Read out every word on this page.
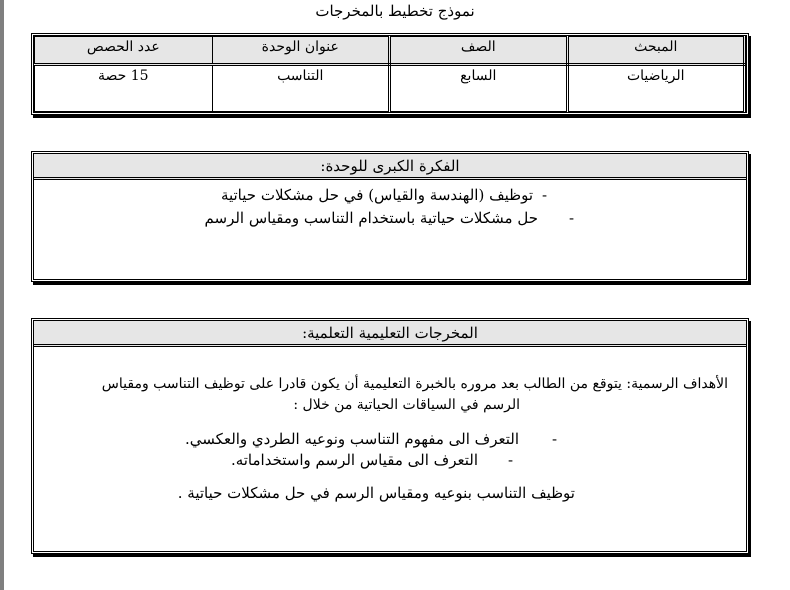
نموذج تخطيط بالمخرجات
عدد الحصص	عنوان الوحدة	الصف	المبحث
15 حصة	التناسب	السابع	الرياضيات
الفكرة الكبرى للوحدة:
توظيف (الهندسة والقياس) في حل مشكلات حياتية -
حل مشكلات حياتية باستخدام التناسب ومقياس الرسم -
المخرجات التعليمية التعلمية:
الأهداف الرسمية: يتوقع من الطالب بعد مروره بالخبرة التعليمية أن يكون قادرا على توظيف التناسب ومقياس
الرسم في السياقات الحياتية من خلال :
التعرف الى مفهوم التناسب ونوعيه الطردي والعكسي. -
التعرف الى مقياس الرسم واستخداماته. -
توظيف التناسب بنوعيه ومقياس الرسم في حل مشكلات حياتية .
